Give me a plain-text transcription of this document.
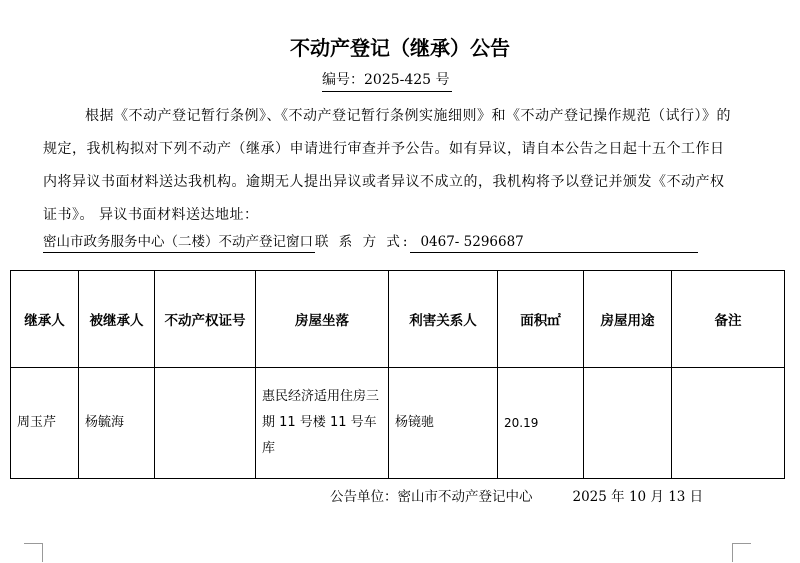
不动产登记（继承）公告
编号：2025-425 号
根据《不动产登记暂行条例》、《不动产登记暂行条例实施细则》和《不动产登记操作规范（试行）》的规定，我机构拟对下列不动产（继承）申请进行审查并予公告。如有异议，请自本公告之日起十五个工作日内将异议书面材料送达我机构。逾期无人提出异议或者异议不成立的，我机构将予以登记并颁发《不动产权证书》。 异议书面材料送达地址：
密山市政务服务中心（二楼）不动产登记窗口 联 系 方 式: 0467- 5296687
继承人	被继承人	不动产权证号	房屋坐落	利害关系人	面积㎡	房屋用途	备注
周玉芹	杨毓海		惠民经济适用住房三期 11 号楼 11 号车库	杨镜驰	20.19		
公告单位：密山市不动产登记中心	2025 年 10 月 13 日
